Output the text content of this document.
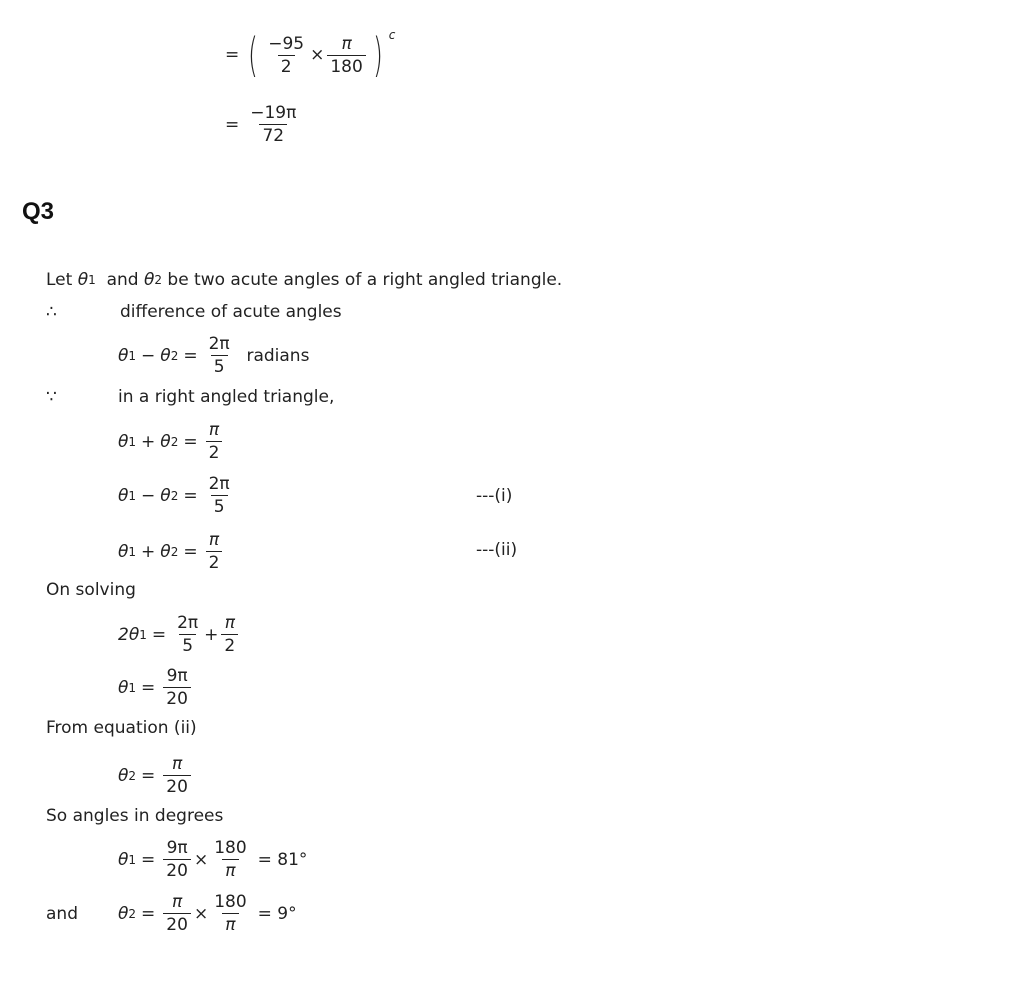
= ( $\frac{-95}{2} \times \frac{\pi}{180}$ ) c
= $\frac{-19\pi}{72}$
Q3
Let
θ 1
and
θ 2
be two acute angles of a right angled triangle.
∴	difference of acute angles
θ 1 − θ $2 = \frac{2\pi}{5}$
radians
∵	in a right angled triangle,
θ 1 + θ $2 = \frac{\pi}{2}$
θ 1 − θ $2 = \frac{2\pi}{5}$	---(i)
θ 1 + θ $2 = \frac{\pi}{2}$	---(ii)
On solving
2θ $1 = \frac{2\pi}{5} + \frac{\pi}{2}$
θ $1 = \frac{9\pi}{20}$
From equation (ii)
θ $2 = \frac{\pi}{20}$
So angles in degrees
θ $1 = \frac{9\pi}{20} \times \frac{180}{\pi} = 81^\circ$
and θ $2 = \frac{\pi}{20} \times \frac{180}{\pi} = 9^\circ$
